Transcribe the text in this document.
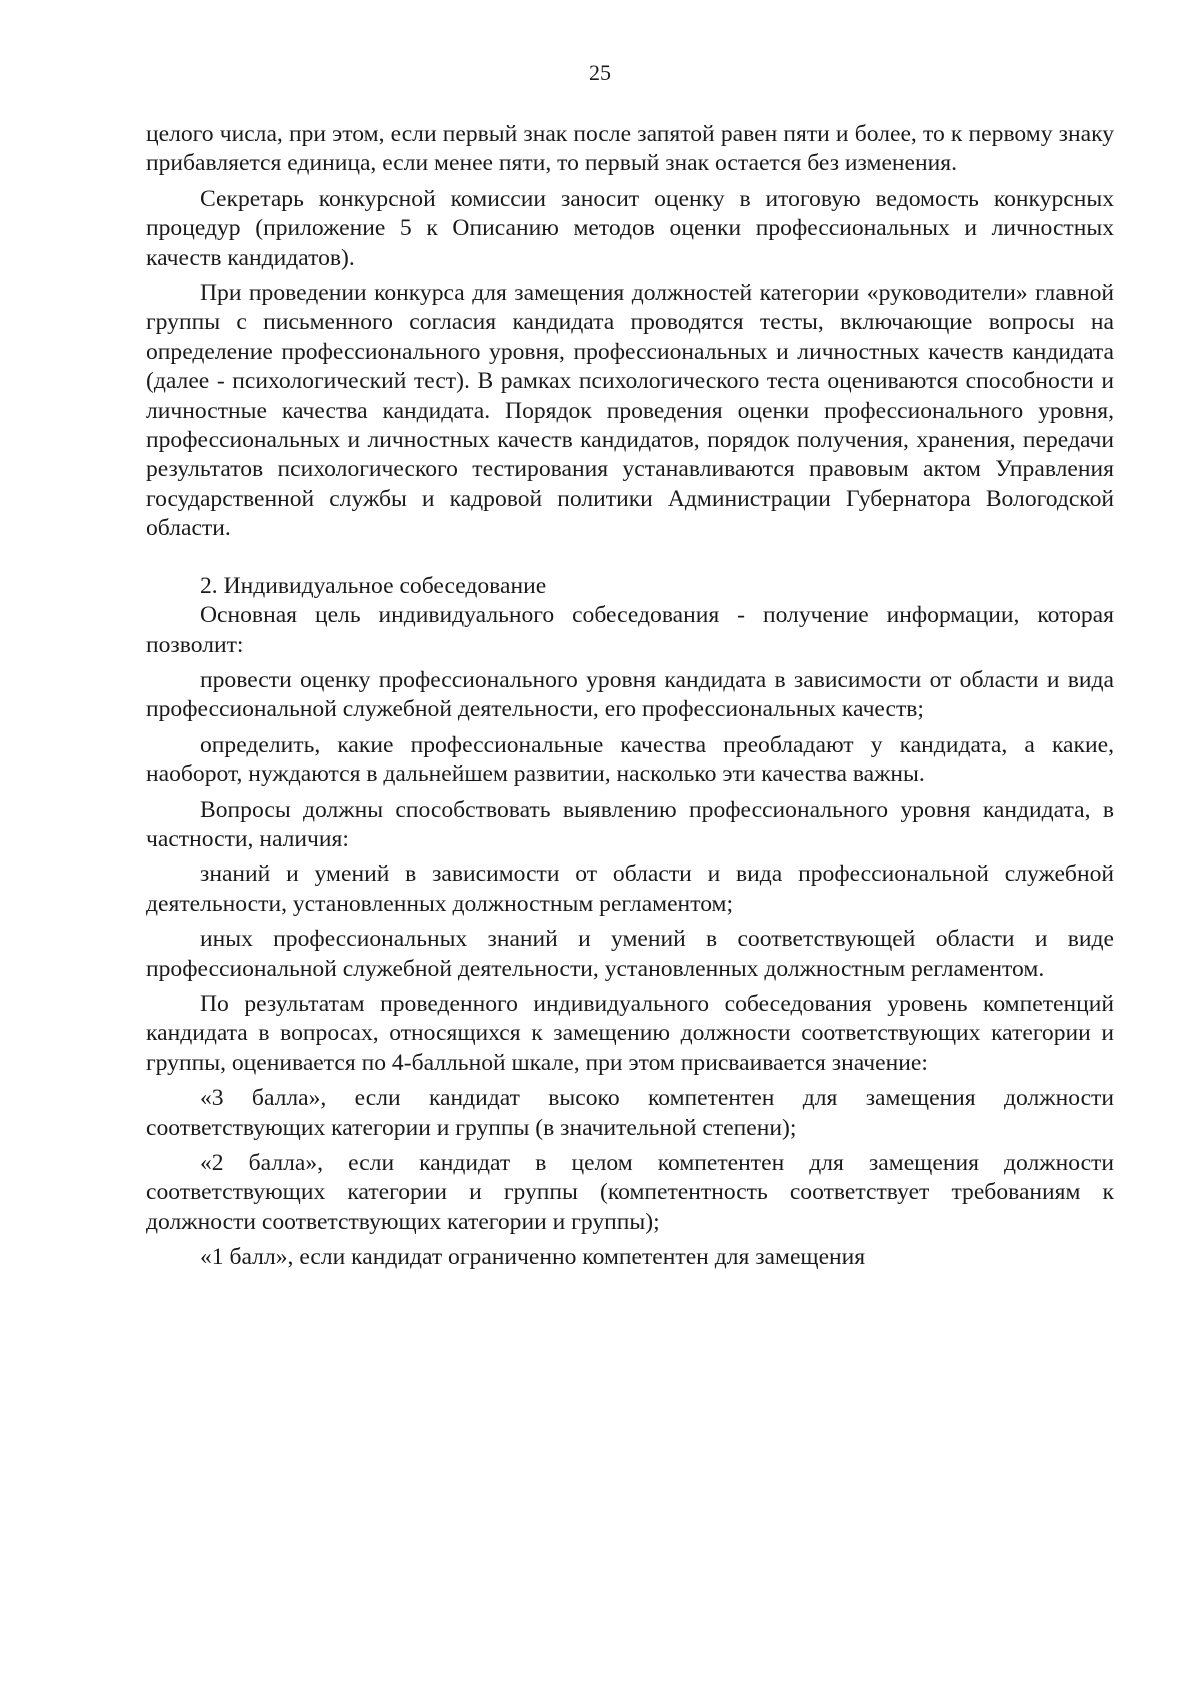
25

целого числа, при этом, если первый знак после запятой равен пяти и более, то к первому знаку прибавляется единица, если менее пяти, то первый знак остается без изменения.

Секретарь конкурсной комиссии заносит оценку в итоговую ведомость конкурсных процедур (приложение 5 к Описанию методов оценки профессиональных и личностных качеств кандидатов).

При проведении конкурса для замещения должностей категории «руководители» главной группы с письменного согласия кандидата проводятся тесты, включающие вопросы на определение профессионального уровня, профессиональных и личностных качеств кандидата (далее - психологический тест). В рамках психологического теста оцениваются способности и личностные качества кандидата. Порядок проведения оценки профессионального уровня, профессиональных и личностных качеств кандидатов, порядок получения, хранения, передачи результатов психологического тестирования устанавливаются правовым актом Управления государственной службы и кадровой политики Администрации Губернатора Вологодской области.

2. Индивидуальное собеседование

Основная цель индивидуального собеседования - получение информации, которая позволит:

провести оценку профессионального уровня кандидата в зависимости от области и вида профессиональной служебной деятельности, его профессиональных качеств;

определить, какие профессиональные качества преобладают у кандидата, а какие, наоборот, нуждаются в дальнейшем развитии, насколько эти качества важны.

Вопросы должны способствовать выявлению профессионального уровня кандидата, в частности, наличия:

знаний и умений в зависимости от области и вида профессиональной служебной деятельности, установленных должностным регламентом;

иных профессиональных знаний и умений в соответствующей области и виде профессиональной служебной деятельности, установленных должностным регламентом.

По результатам проведенного индивидуального собеседования уровень компетенций кандидата в вопросах, относящихся к замещению должности соответствующих категории и группы, оценивается по 4-балльной шкале, при этом присваивается значение:

«3 балла», если кандидат высоко компетентен для замещения должности соответствующих категории и группы (в значительной степени);

«2 балла», если кандидат в целом компетентен для замещения должности соответствующих категории и группы (компетентность соответствует требованиям к должности соответствующих категории и группы);

«1 балл», если кандидат ограниченно компетентен для замещения
